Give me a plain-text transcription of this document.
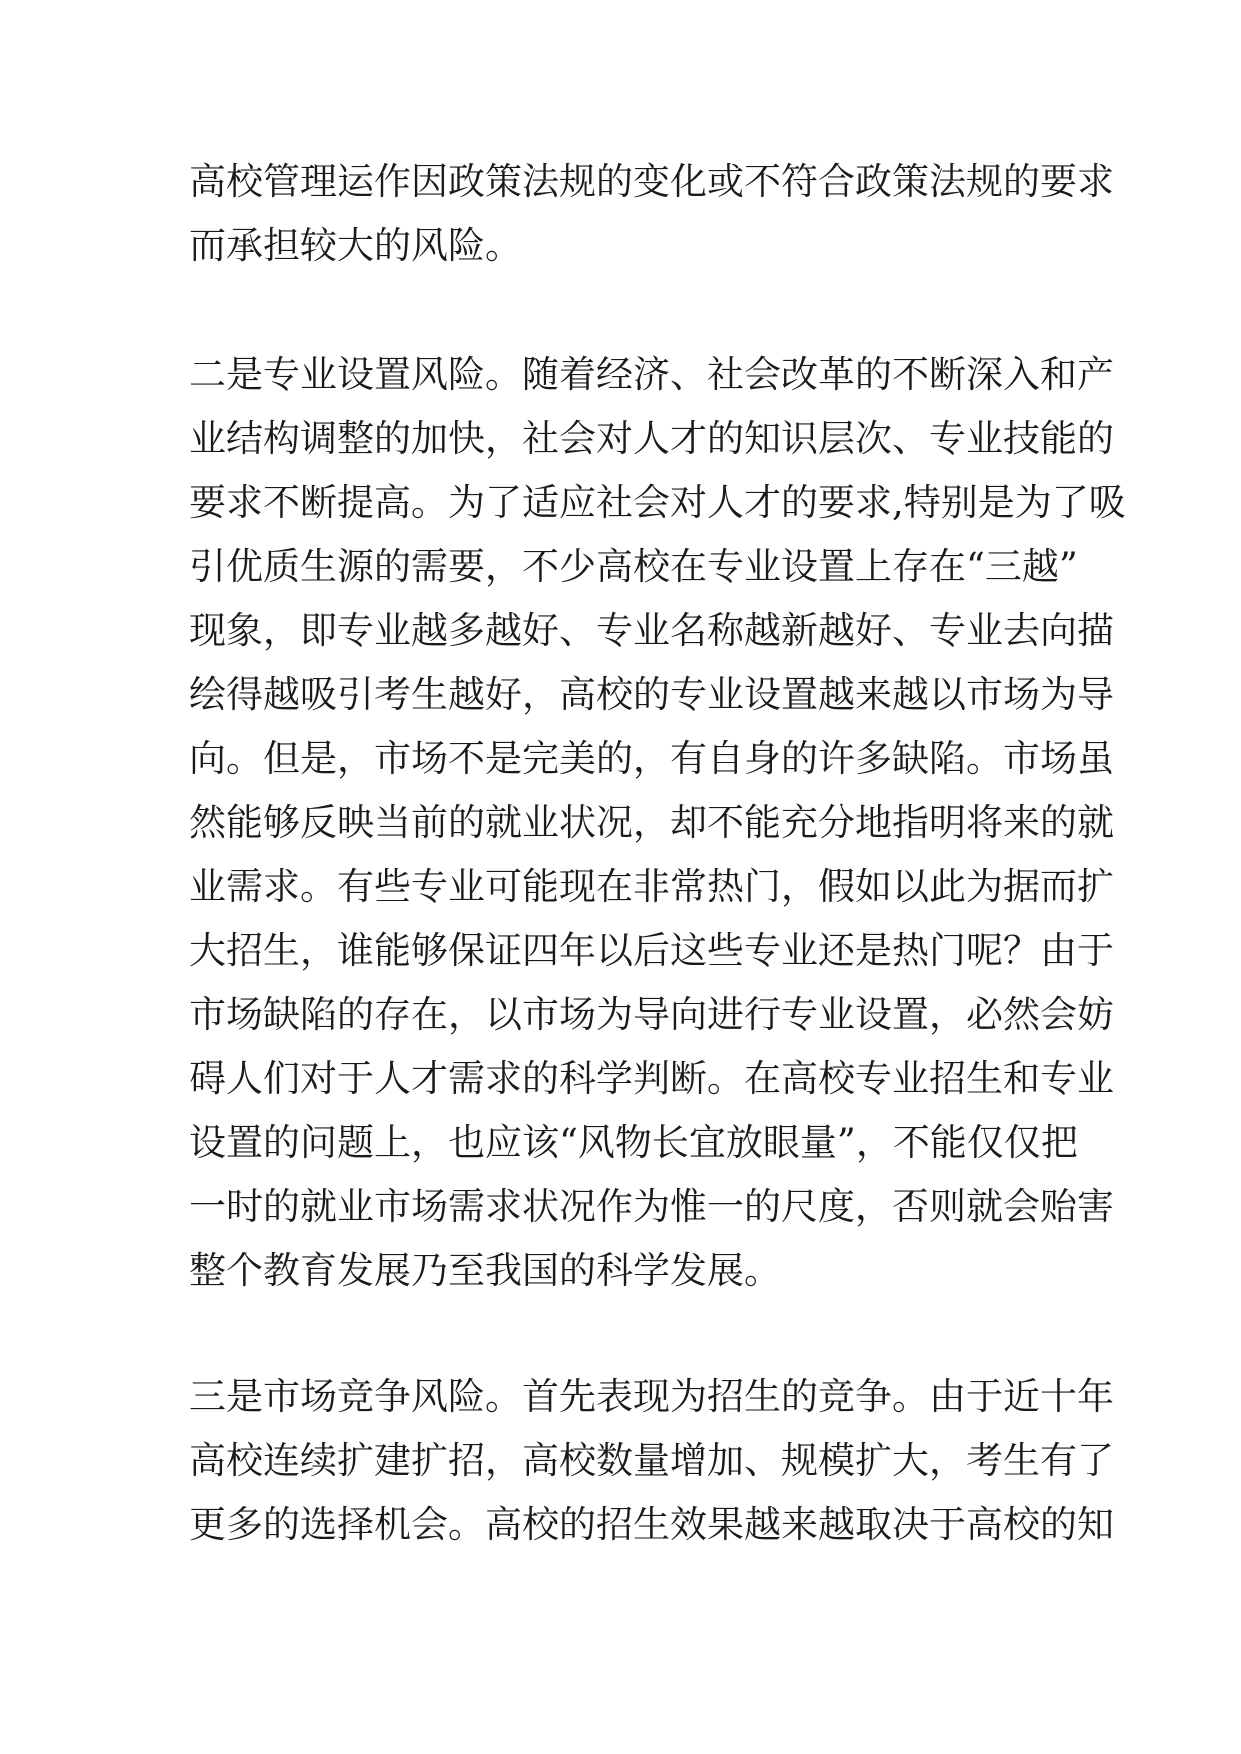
高校管理运作因政策法规的变化或不符合政策法规的要求
而承担较大的风险。
二是专业设置风险。随着经济、社会改革的不断深入和产
业结构调整的加快，社会对人才的知识层次、专业技能的
要求不断提高。为了适应社会对人才的要求,特别是为了吸
引优质生源的需要，不少高校在专业设置上存在“三越”
现象，即专业越多越好、专业名称越新越好、专业去向描
绘得越吸引考生越好，高校的专业设置越来越以市场为导
向。但是，市场不是完美的，有自身的许多缺陷。市场虽
然能够反映当前的就业状况，却不能充分地指明将来的就
业需求。有些专业可能现在非常热门，假如以此为据而扩
大招生，谁能够保证四年以后这些专业还是热门呢？由于
市场缺陷的存在，以市场为导向进行专业设置，必然会妨
碍人们对于人才需求的科学判断。在高校专业招生和专业
设置的问题上，也应该“风物长宜放眼量”，不能仅仅把
一时的就业市场需求状况作为惟一的尺度，否则就会贻害
整个教育发展乃至我国的科学发展。
三是市场竞争风险。首先表现为招生的竞争。由于近十年
高校连续扩建扩招，高校数量增加、规模扩大，考生有了
更多的选择机会。高校的招生效果越来越取决于高校的知
